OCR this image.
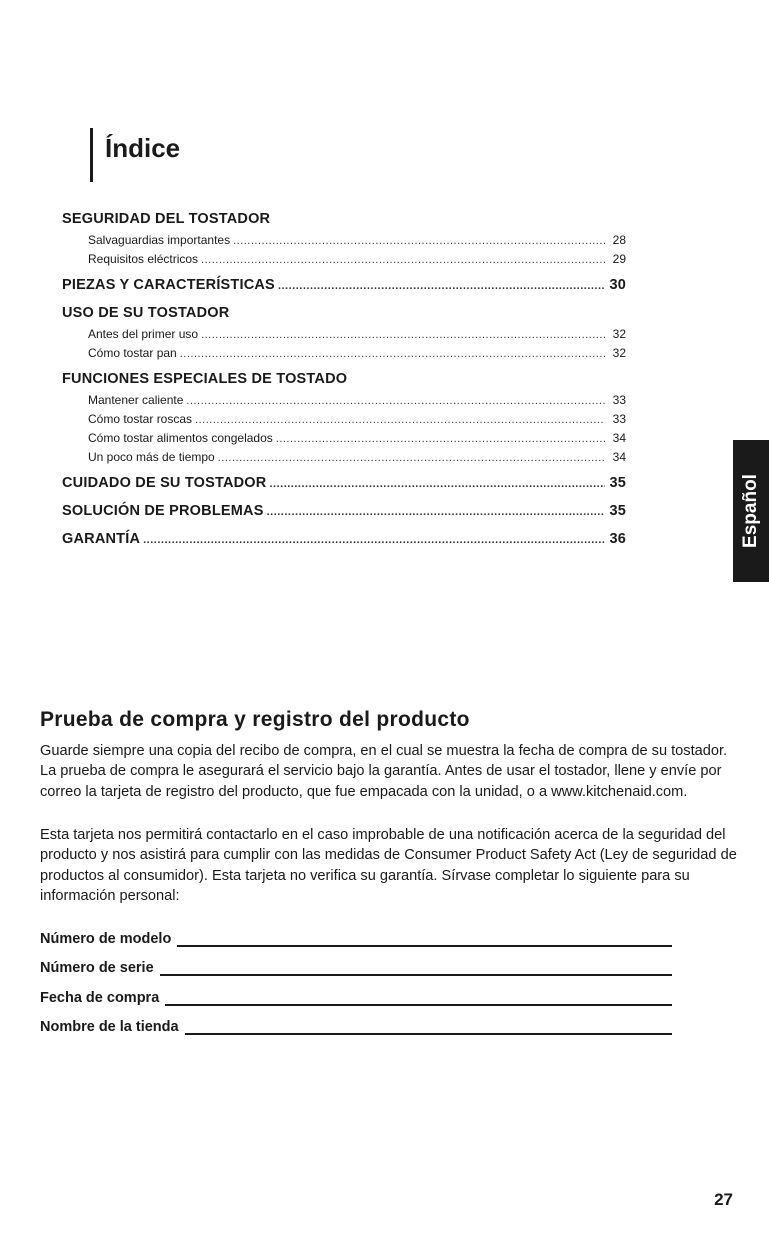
Índice
SEGURIDAD DEL TOSTADOR
Salvaguardias importantes .....	28
Requisitos eléctricos .....	29
PIEZAS Y CARACTERÍSTICAS .....	30
USO DE SU TOSTADOR
Antes del primer uso .....	32
Cómo tostar pan .....	32
FUNCIONES ESPECIALES DE TOSTADO
Mantener caliente .....	33
Cómo tostar roscas .....	33
Cómo tostar alimentos congelados .....	34
Un poco más de tiempo .....	34
CUIDADO DE SU TOSTADOR .....	35
SOLUCIÓN DE PROBLEMAS .....	35
GARANTÍA .....	36	Español
Prueba de compra y registro del producto

Guarde siempre una copia del recibo de compra, en el cual se muestra la fecha de compra de su tostador. La prueba de compra le asegurará el servicio bajo la garantía. Antes de usar el tostador, llene y envíe por correo la tarjeta de registro del producto, que fue empacada con la unidad, o a www.kitchenaid.com.

Esta tarjeta nos permitirá contactarlo en el caso improbable de una notificación acerca de la seguridad del producto y nos asistirá para cumplir con las medidas de Consumer Product Safety Act (Ley de seguridad de productos al consumidor). Esta tarjeta no verifica su garantía. Sírvase completar lo siguiente para su información personal:

Número de modelo
Número de serie
Fecha de compra
Nombre de la tienda
27
